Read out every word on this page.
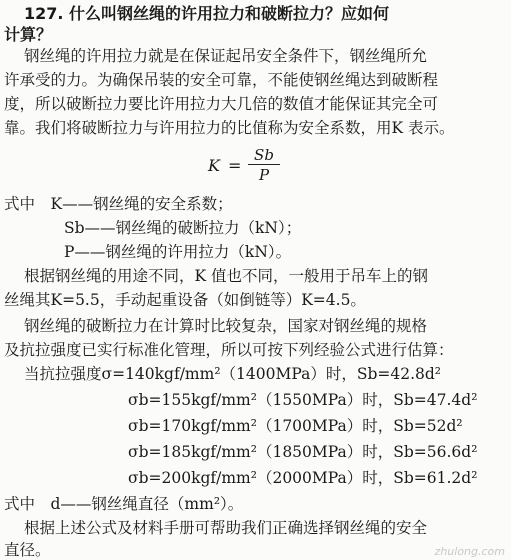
127. 什么叫钢丝绳的许用拉力和破断拉力？应如何
计算？
钢丝绳的许用拉力就是在保证起吊安全条件下，钢丝绳所允
许承受的力。为确保吊装的安全可靠，不能使钢丝绳达到破断程
度，所以破断拉力要比许用拉力大几倍的数值才能保证其完全可
靠。我们将破断拉力与许用拉力的比值称为安全系数，用K 表示。
$K = \frac{Sb}{P}$
式中　K——钢丝绳的安全系数；
Sb——钢丝绳的破断拉力（kN）；
P——钢丝绳的许用拉力（kN）。
根据钢丝绳的用途不同，K 值也不同，一般用于吊车上的钢
丝绳其K=5.5，手动起重设备（如倒链等）K=4.5。
钢丝绳的破断拉力在计算时比较复杂，国家对钢丝绳的规格
及抗拉强度已实行标准化管理，所以可按下列经验公式进行估算：
当抗拉强度σ=140kgf/mm²（1400MPa）时，Sb=42.8d²
σb=155kgf/mm²（1550MPa）时，Sb=47.4d²
σb=170kgf/mm²（1700MPa）时，Sb=52d²
σb=185kgf/mm²（1850MPa）时，Sb=56.6d²
σb=200kgf/mm²（2000MPa）时，Sb=61.2d²
式中　d——钢丝绳直径（mm²）。
根据上述公式及材料手册可帮助我们正确选择钢丝绳的安全
直径。	zhulong.com
